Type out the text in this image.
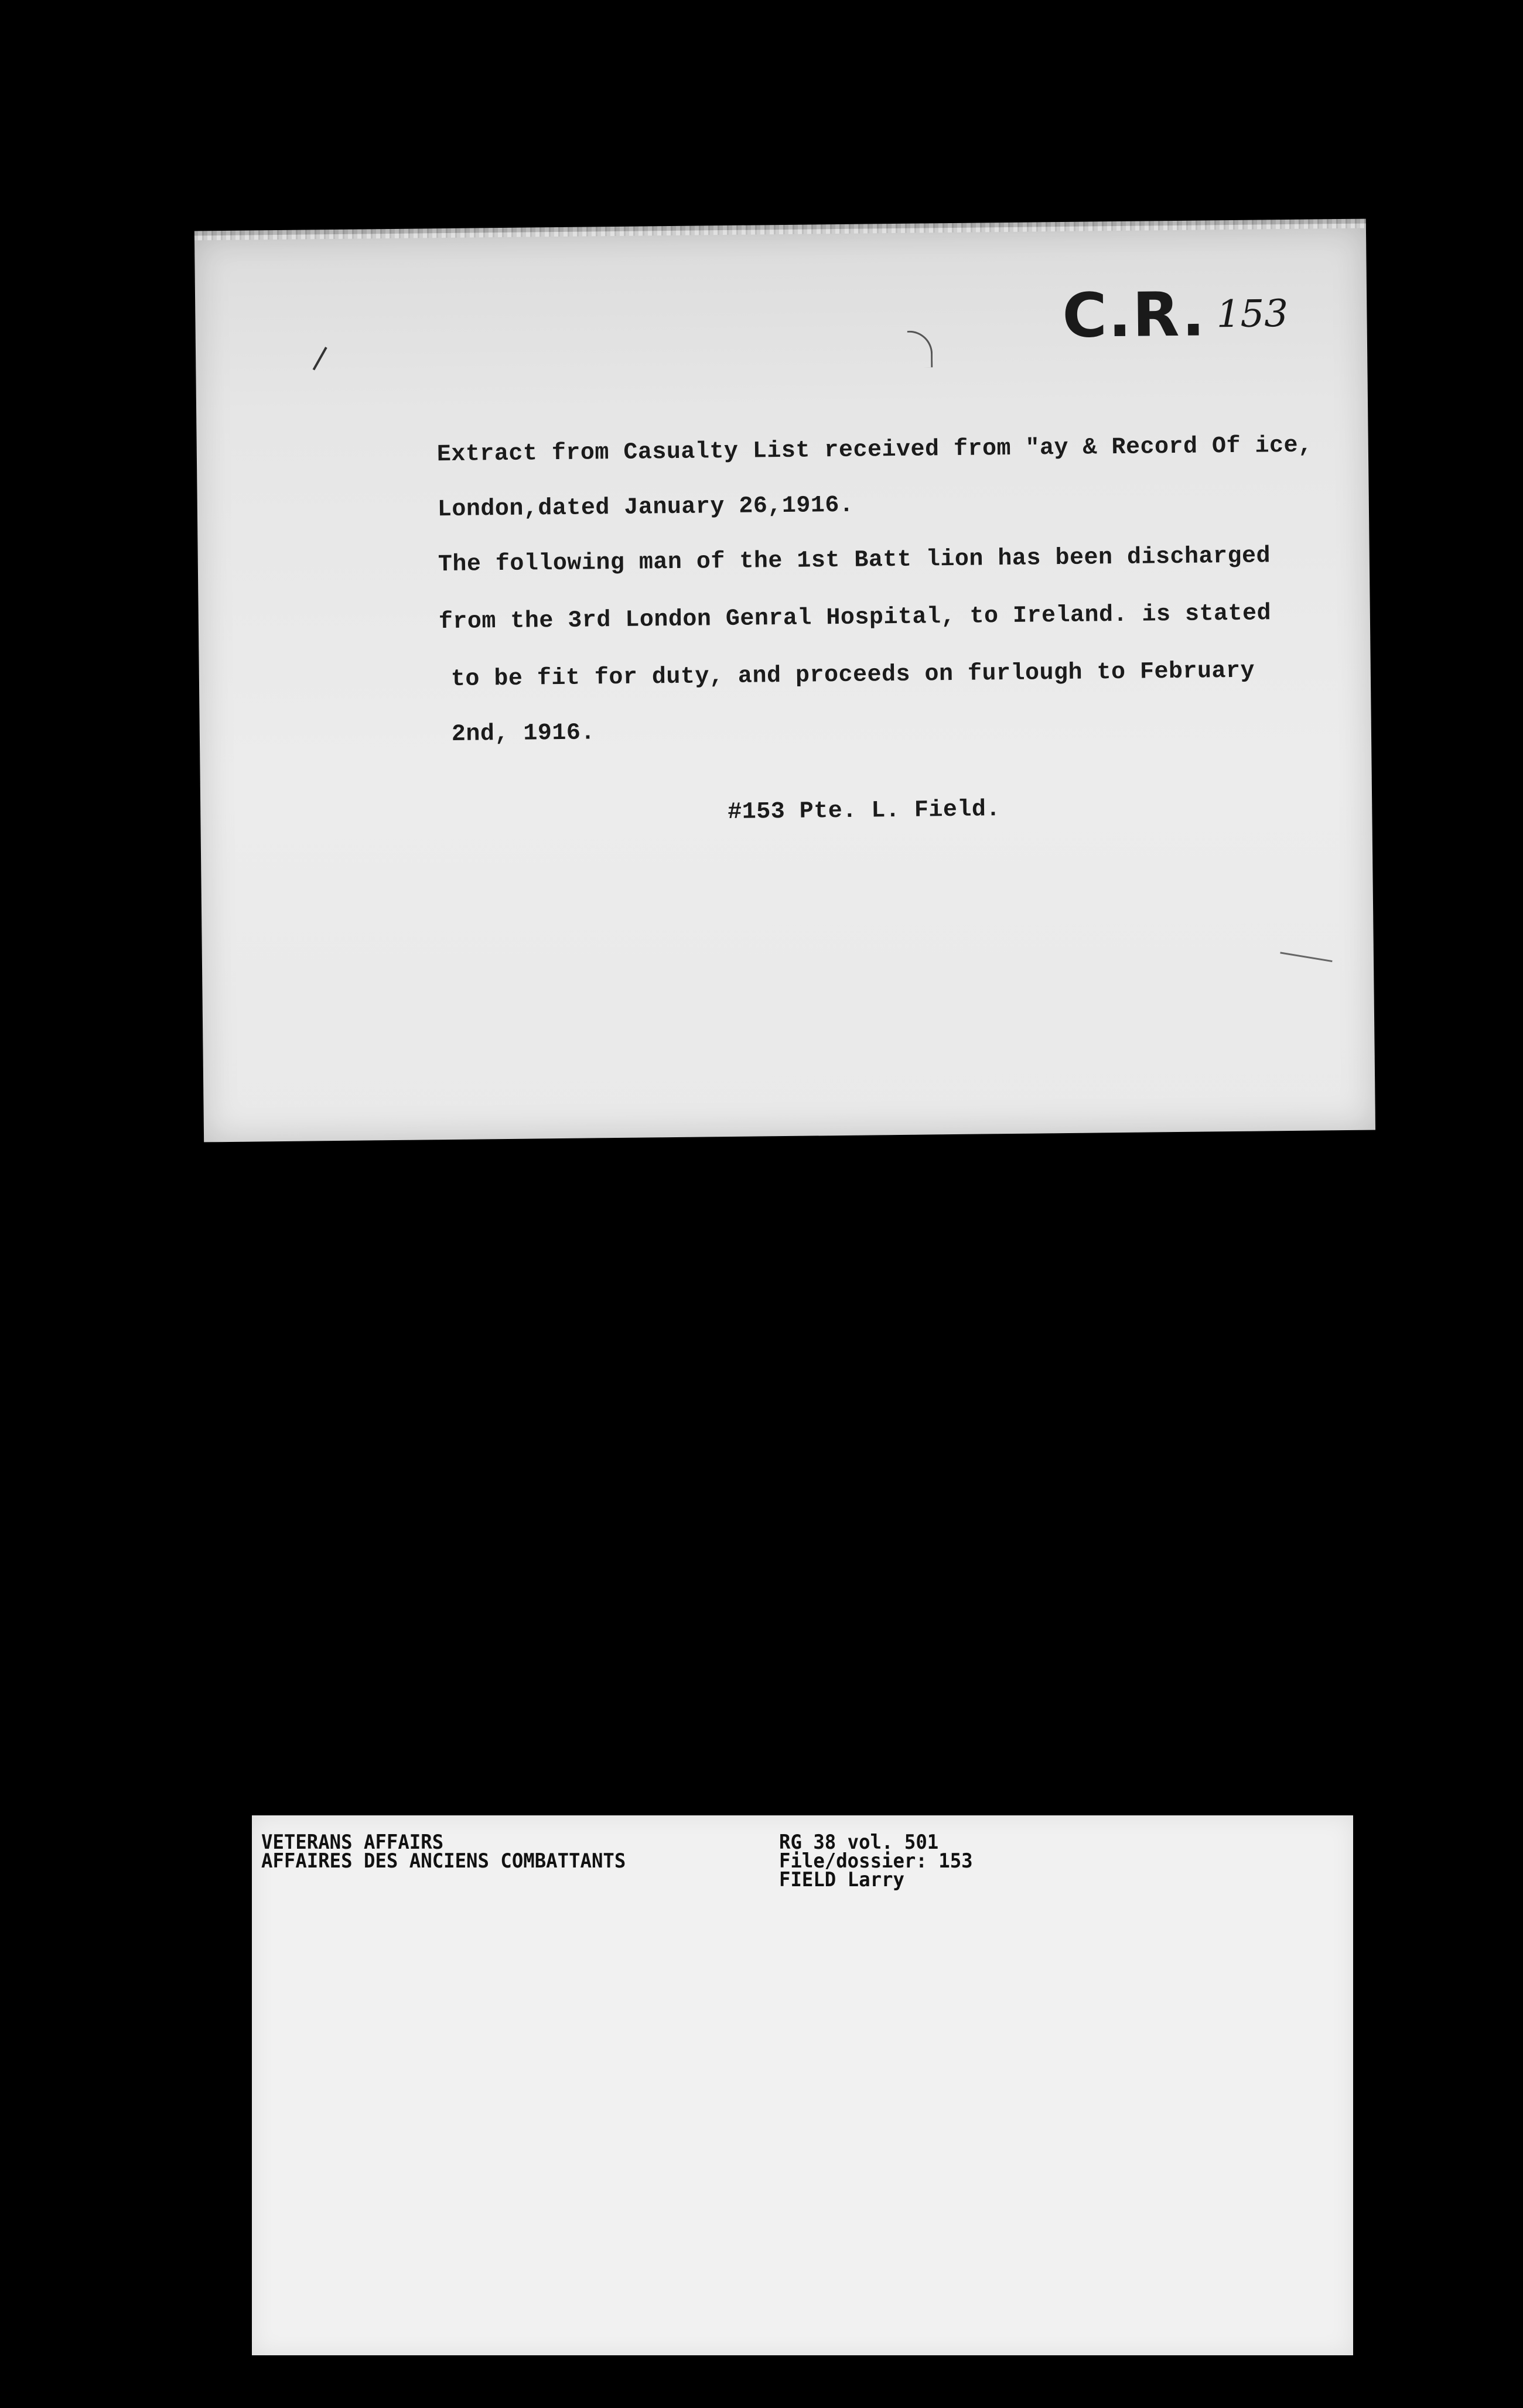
C.R. 153
Extract from Casualty List received from "ay & Record Of ice,
London,dated January 26,1916.
The following man of the 1st Batt lion has been discharged
from the 3rd London Genral Hospital, to Ireland. is stated
to be fit for duty, and proceeds on furlough to February
2nd, 1916.
#153 Pte. L. Field.
VETERANS AFFAIRS
AFFAIRES DES ANCIENS COMBATTANTS
RG 38 vol. 501
File/dossier: 153
FIELD Larry
